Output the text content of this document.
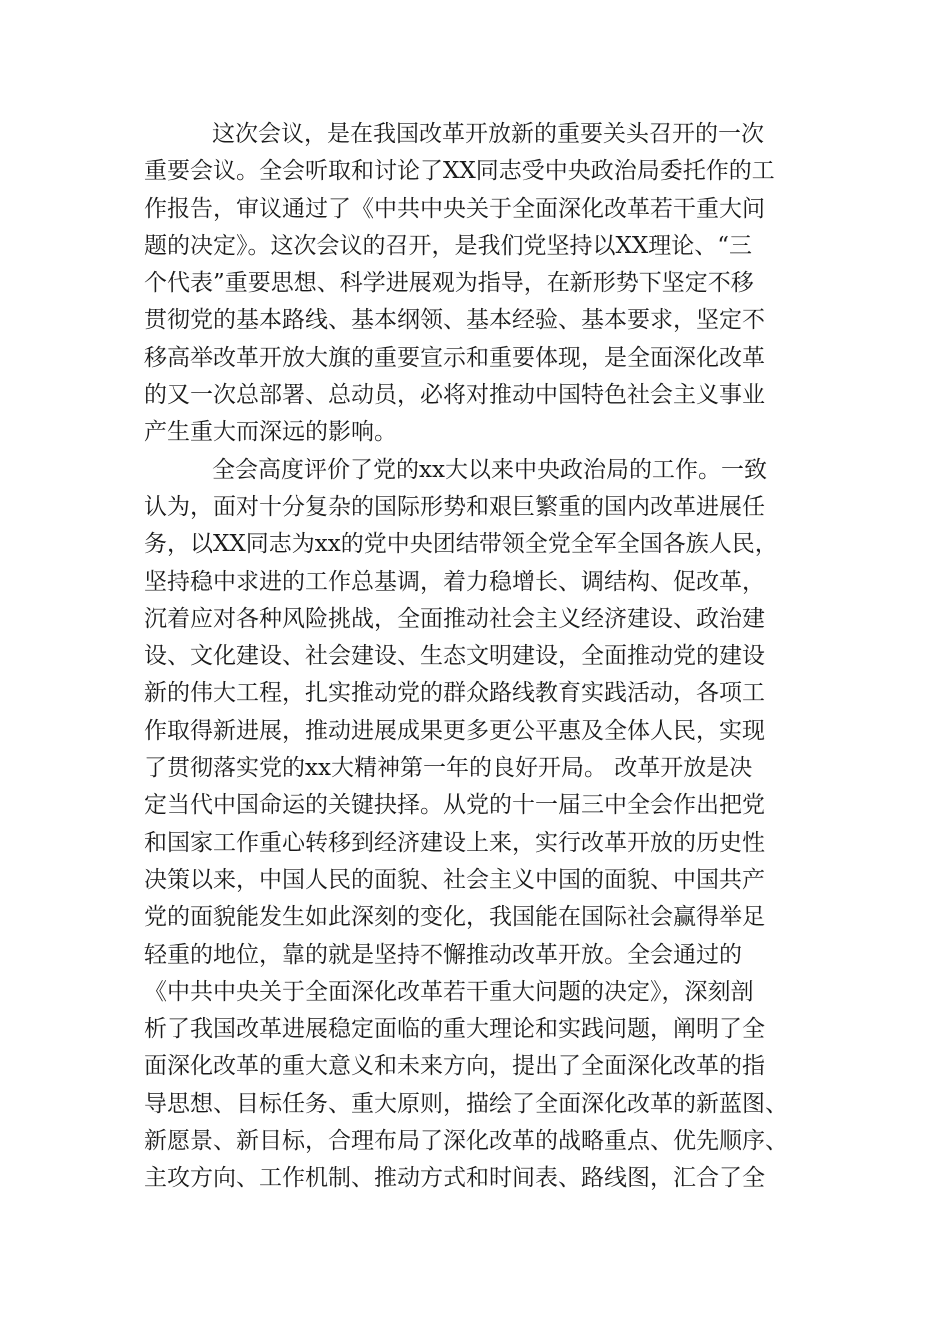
这次会议，是在我国改革开放新的重要关头召开的一次
重要会议。全会听取和讨论了XX同志受中央政治局委托作的工
作报告，审议通过了《中共中央关于全面深化改革若干重大问
题的决定》。这次会议的召开，是我们党坚持以XX理论、“三
个代表”重要思想、科学进展观为指导，在新形势下坚定不移
贯彻党的基本路线、基本纲领、基本经验、基本要求，坚定不
移高举改革开放大旗的重要宣示和重要体现，是全面深化改革
的又一次总部署、总动员，必将对推动中国特色社会主义事业
产生重大而深远的影响。
全会高度评价了党的xx大以来中央政治局的工作。一致
认为，面对十分复杂的国际形势和艰巨繁重的国内改革进展任
务，以XX同志为xx的党中央团结带领全党全军全国各族人民，
坚持稳中求进的工作总基调，着力稳增长、调结构、促改革，
沉着应对各种风险挑战，全面推动社会主义经济建设、政治建
设、文化建设、社会建设、生态文明建设，全面推动党的建设
新的伟大工程，扎实推动党的群众路线教育实践活动，各项工
作取得新进展，推动进展成果更多更公平惠及全体人民，实现
了贯彻落实党的xx大精神第一年的良好开局。 改革开放是决
定当代中国命运的关键抉择。从党的十一届三中全会作出把党
和国家工作重心转移到经济建设上来，实行改革开放的历史性
决策以来，中国人民的面貌、社会主义中国的面貌、中国共产
党的面貌能发生如此深刻的变化，我国能在国际社会赢得举足
轻重的地位，靠的就是坚持不懈推动改革开放。全会通过的
《中共中央关于全面深化改革若干重大问题的决定》，深刻剖
析了我国改革进展稳定面临的重大理论和实践问题，阐明了全
面深化改革的重大意义和未来方向，提出了全面深化改革的指
导思想、目标任务、重大原则，描绘了全面深化改革的新蓝图、
新愿景、新目标，合理布局了深化改革的战略重点、优先顺序、
主攻方向、工作机制、推动方式和时间表、路线图，汇合了全
